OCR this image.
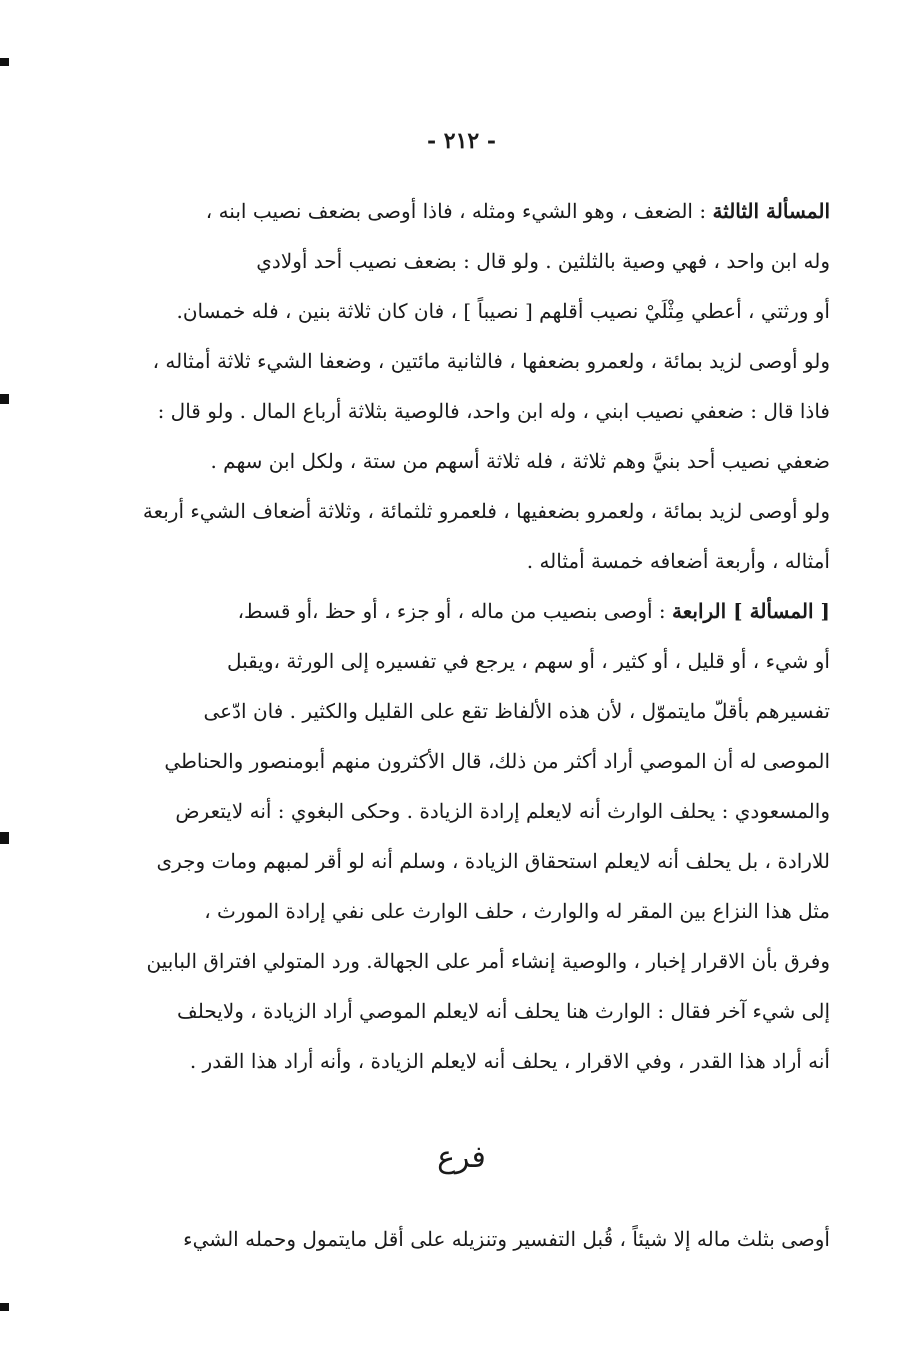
- ٢١٢ -
المسألة الثالثة : الضعف ، وهو الشيء ومثله ، فاذا أوصى بضعف نصيب ابنه ،
وله ابن واحد ، فهي وصية بالثلثين . ولو قال : بضعف نصيب أحد أولادي
أو ورثتي ، أعطي مِثْلَيْ نصيب أقلهم [ نصيباً ] ، فان كان ثلاثة بنين ، فله خمسان.
ولو أوصى لزيد بمائة ، ولعمرو بضعفها ، فالثانية مائتين ، وضعفا الشيء ثلاثة أمثاله ،
فاذا قال : ضعفي نصيب ابني ، وله ابن واحد، فالوصية بثلاثة أرباع المال . ولو قال :
ضعفي نصيب أحد بنيَّ وهم ثلاثة ، فله ثلاثة أسهم من ستة ، ولكل ابن سهم .
ولو أوصى لزيد بمائة ، ولعمرو بضعفيها ، فلعمرو ثلثمائة ، وثلاثة أضعاف الشيء أربعة
أمثاله ، وأربعة أضعافه خمسة أمثاله .
[ المسألة ] الرابعة : أوصى بنصيب من ماله ، أو جزء ، أو حظ ،أو قسط،
أو شيء ، أو قليل ، أو كثير ، أو سهم ، يرجع في تفسيره إلى الورثة ،ويقبل
تفسيرهم بأقلّ مايتموّل ، لأن هذه الألفاظ تقع على القليل والكثير . فان ادّعى
الموصى له أن الموصي أراد أكثر من ذلك، قال الأكثرون منهم أبومنصور والحناطي
والمسعودي : يحلف الوارث أنه لايعلم إرادة الزيادة . وحكى البغوي : أنه لايتعرض
للارادة ، بل يحلف أنه لايعلم استحقاق الزيادة ، وسلم أنه لو أقر لمبهم ومات وجرى
مثل هذا النزاع بين المقر له والوارث ، حلف الوارث على نفي إرادة المورث ،
وفرق بأن الاقرار إخبار ، والوصية إنشاء أمر على الجهالة. ورد المتولي افتراق البابين
إلى شيء آخر فقال : الوارث هنا يحلف أنه لايعلم الموصي أراد الزيادة ، ولايحلف
أنه أراد هذا القدر ، وفي الاقرار ، يحلف أنه لايعلم الزيادة ، وأنه أراد هذا القدر .
فرع
أوصى بثلث ماله إلا شيئاً ، قُبل التفسير وتنزيله على أقل مايتمول وحمله الشيء
